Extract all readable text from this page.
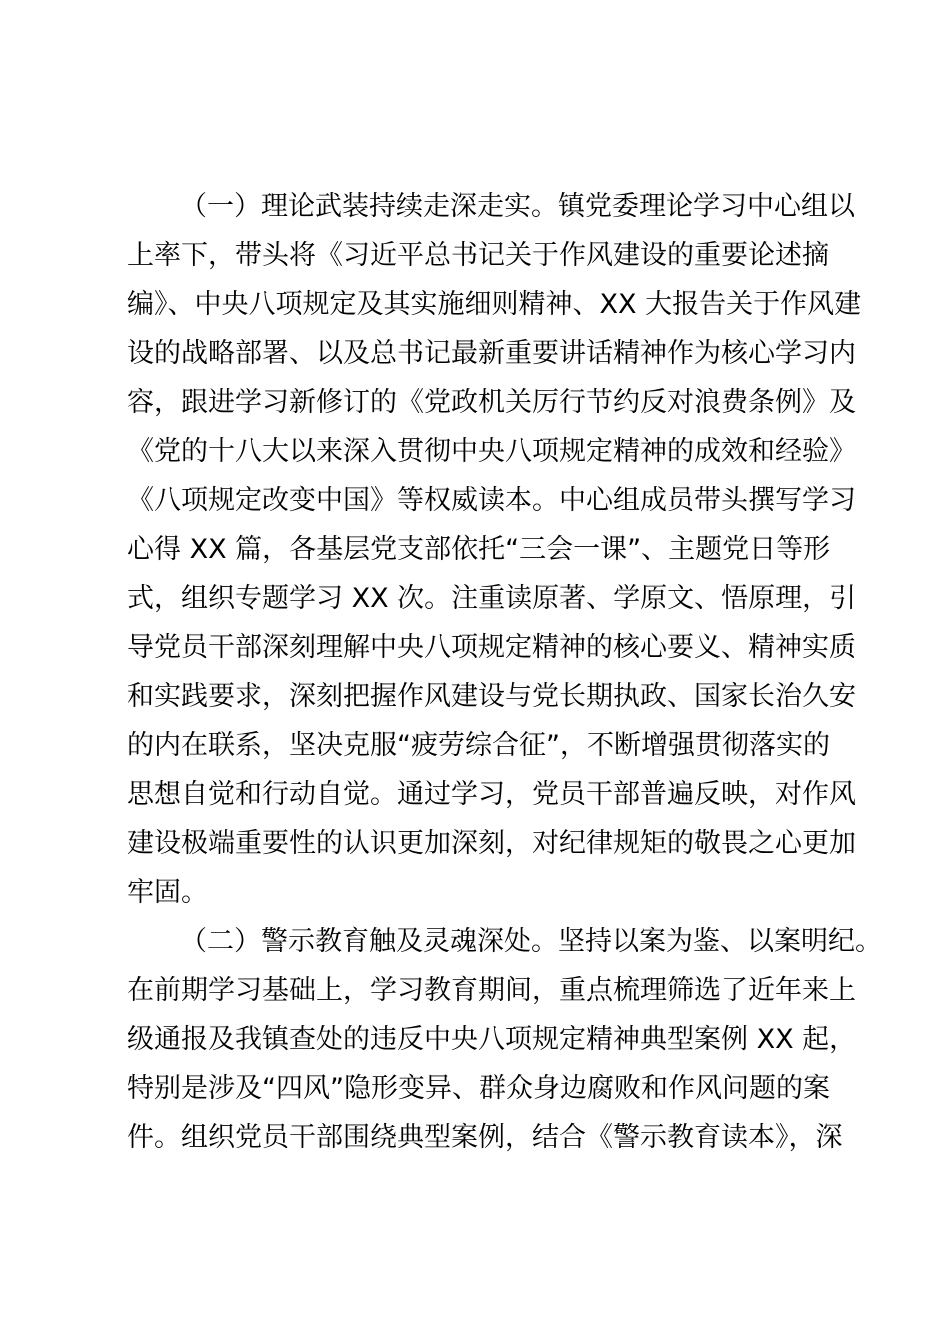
（一）理论武装持续走深走实。镇党委理论学习中心组以
上率下，带头将《习近平总书记关于作风建设的重要论述摘
编》、中央八项规定及其实施细则精神、XX 大报告关于作风建
设的战略部署、以及总书记最新重要讲话精神作为核心学习内
容，跟进学习新修订的《党政机关厉行节约反对浪费条例》及
《党的十八大以来深入贯彻中央八项规定精神的成效和经验》
《八项规定改变中国》等权威读本。中心组成员带头撰写学习
心得 XX 篇，各基层党支部依托“三会一课”、主题党日等形
式，组织专题学习 XX 次。注重读原著、学原文、悟原理，引
导党员干部深刻理解中央八项规定精神的核心要义、精神实质
和实践要求，深刻把握作风建设与党长期执政、国家长治久安
的内在联系，坚决克服“疲劳综合征”，不断增强贯彻落实的
思想自觉和行动自觉。通过学习，党员干部普遍反映，对作风
建设极端重要性的认识更加深刻，对纪律规矩的敬畏之心更加
牢固。
（二）警示教育触及灵魂深处。坚持以案为鉴、以案明纪。
在前期学习基础上，学习教育期间，重点梳理筛选了近年来上
级通报及我镇查处的违反中央八项规定精神典型案例 XX 起，
特别是涉及“四风”隐形变异、群众身边腐败和作风问题的案
件。组织党员干部围绕典型案例，结合《警示教育读本》，深
